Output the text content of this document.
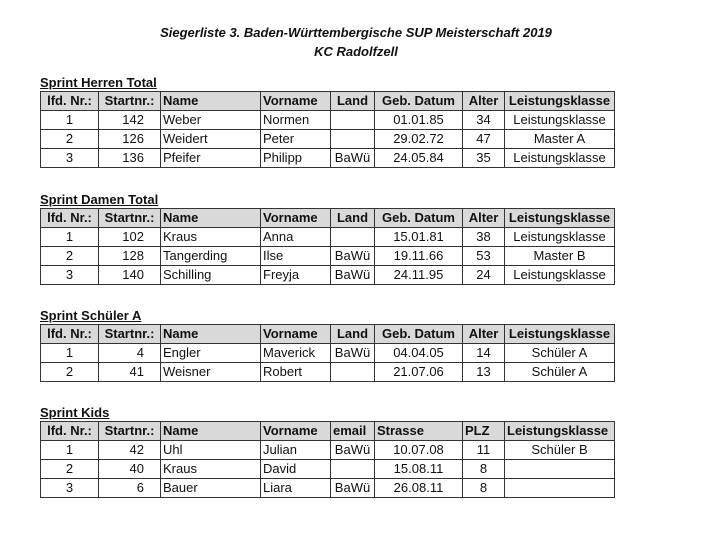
Siegerliste 3. Baden-Württembergische SUP Meisterschaft 2019
KC Radolfzell
Sprint Herren Total
lfd. Nr.:	Startnr.:	Name	Vorname	Land	Geb. Datum	Alter	Leistungsklasse
1	142	Weber	Normen		01.01.85	34	Leistungsklasse
2	126	Weidert	Peter		29.02.72	47	Master A
3	136	Pfeifer	Philipp	BaWü	24.05.84	35	Leistungsklasse
Sprint Damen Total
lfd. Nr.:	Startnr.:	Name	Vorname	Land	Geb. Datum	Alter	Leistungsklasse
1	102	Kraus	Anna		15.01.81	38	Leistungsklasse
2	128	Tangerding	Ilse	BaWü	19.11.66	53	Master B
3	140	Schilling	Freyja	BaWü	24.11.95	24	Leistungsklasse
Sprint Schüler A
lfd. Nr.:	Startnr.:	Name	Vorname	Land	Geb. Datum	Alter	Leistungsklasse
1	4	Engler	Maverick	BaWü	04.04.05	14	Schüler A
2	41	Weisner	Robert		21.07.06	13	Schüler A
Sprint Kids
lfd. Nr.:	Startnr.:	Name	Vorname	email	Strasse	PLZ	Leistungsklasse
1	42	Uhl	Julian	BaWü	10.07.08	11	Schüler B
2	40	Kraus	David		15.08.11	8	
3	6	Bauer	Liara	BaWü	26.08.11	8	
